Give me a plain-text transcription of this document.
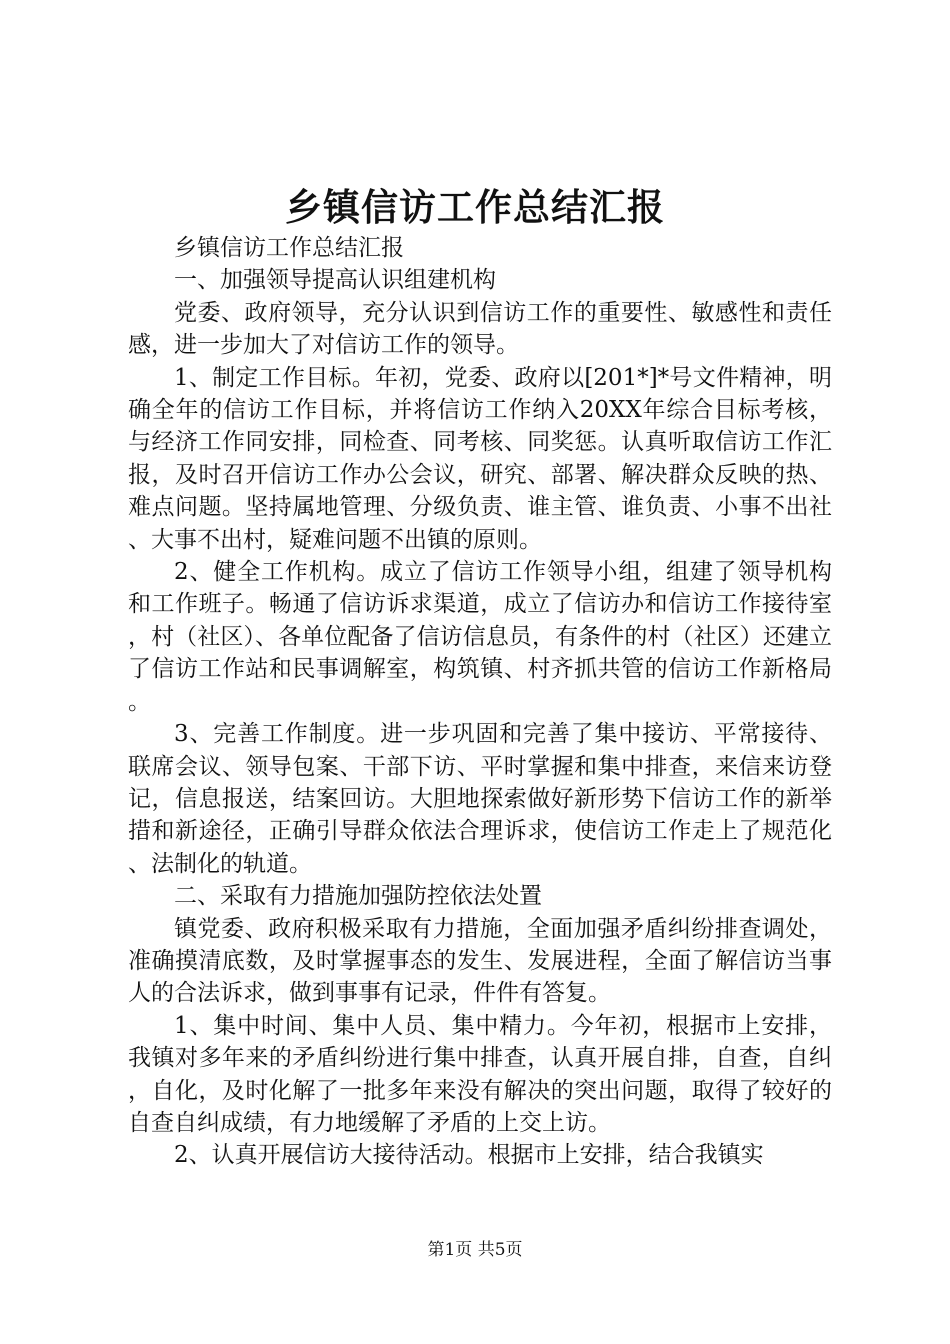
乡镇信访工作总结汇报

乡镇信访工作总结汇报

一、加强领导提高认识组建机构

党委、政府领导，充分认识到信访工作的重要性、敏感性和责任感，进一步加大了对信访工作的领导。

1、制定工作目标。年初，党委、政府以[201*]*号文件精神，明确全年的信访工作目标，并将信访工作纳入20XX年综合目标考核，与经济工作同安排，同检查、同考核、同奖惩。认真听取信访工作汇报，及时召开信访工作办公会议，研究、部署、解决群众反映的热、难点问题。坚持属地管理、分级负责、谁主管、谁负责、小事不出社、大事不出村，疑难问题不出镇的原则。

2、健全工作机构。成立了信访工作领导小组，组建了领导机构和工作班子。畅通了信访诉求渠道，成立了信访办和信访工作接待室，村（社区）、各单位配备了信访信息员，有条件的村（社区）还建立了信访工作站和民事调解室，构筑镇、村齐抓共管的信访工作新格局。

3、完善工作制度。进一步巩固和完善了集中接访、平常接待、联席会议、领导包案、干部下访、平时掌握和集中排查，来信来访登记，信息报送，结案回访。大胆地探索做好新形势下信访工作的新举措和新途径，正确引导群众依法合理诉求，使信访工作走上了规范化、法制化的轨道。

二、采取有力措施加强防控依法处置

镇党委、政府积极采取有力措施，全面加强矛盾纠纷排查调处，准确摸清底数，及时掌握事态的发生、发展进程，全面了解信访当事人的合法诉求，做到事事有记录，件件有答复。

1、集中时间、集中人员、集中精力。今年初，根据市上安排，我镇对多年来的矛盾纠纷进行集中排查，认真开展自排，自查，自纠，自化，及时化解了一批多年来没有解决的突出问题，取得了较好的自查自纠成绩，有力地缓解了矛盾的上交上访。

2、认真开展信访大接待活动。根据市上安排，结合我镇实

第1页 共5页
